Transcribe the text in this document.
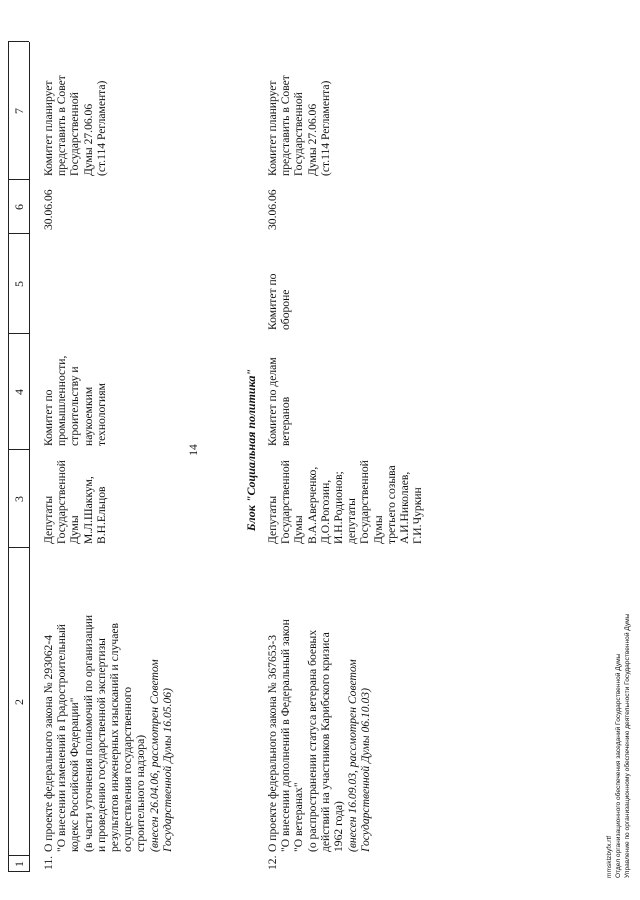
1
2
3
4
5
6
7
11.
О проекте федерального закона № 293062-4
"О внесении изменений в Градостроительный
кодекс Российской Федерации"
(в части уточнения полномочий по организации
и проведению государственной экспертизы
результатов инженерных изысканий и случаев
осуществления государственного
строительного надзора)
(внесен 26.04.06, рассмотрен Советом
Государственной Думы 16.05.06)
Депутаты
Государственной
Думы
М.Л.Шаккум,
В.Н.Ельцов
Комитет по
промышленности,
строительству и
наукоемким
технологиям
30.06.06
Комитет планирует
представить в Совет
Государственной
Думы 27.06.06
(ст.114 Регламента)
14	Блок "Социальная политика"
12.
О проекте федерального закона № 367653-3
"О внесении дополнений в Федеральный закон
"О ветеранах"
(о распространении статуса ветерана боевых
действий на участников Карибского кризиса
1962 года)
(внесен 16.09.03, рассмотрен Советом
Государственной Думы 06.10.03)
Депутаты
Государственной
Думы
В.А.Аверченко,
Д.О.Рогозин,
И.Н.Родионов;
депутаты
Государственной
Думы
третьего созыва
А.И.Николаев,
Г.И.Чуркин
Комитет по делам
ветеранов
Комитет по
обороне
30.06.06
Комитет планирует
представить в Совет
Государственной
Думы 27.06.06
(ст.114 Регламента)
mmsklzbyfx.rtf Отдел организационного обеспечения заседаний Государственной Думы Управление по организационному обеспечению деятельности Государственной Думы
